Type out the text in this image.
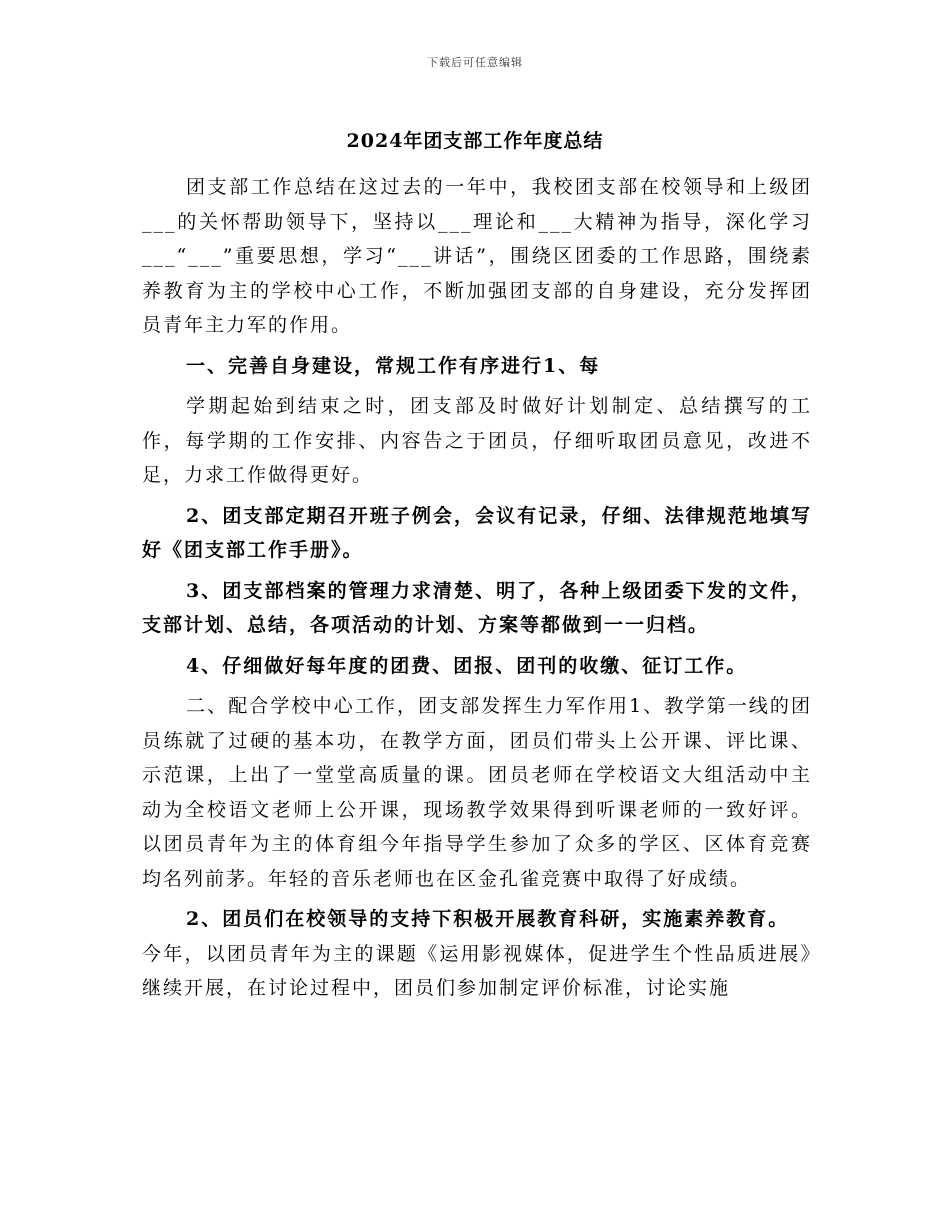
下载后可任意编辑
2024年团支部工作年度总结

团支部工作总结在这过去的一年中，我校团支部在校领导和上级团___的关怀帮助领导下，坚持以___理论和___大精神为指导，深化学习___“___”重要思想，学习“___讲话”，围绕区团委的工作思路，围绕素养教育为主的学校中心工作，不断加强团支部的自身建设，充分发挥团员青年主力军的作用。

一、完善自身建设，常规工作有序进行1、每

学期起始到结束之时，团支部及时做好计划制定、总结撰写的工作，每学期的工作安排、内容告之于团员，仔细听取团员意见，改进不足，力求工作做得更好。

2、团支部定期召开班子例会，会议有记录，仔细、法律规范地填写好《团支部工作手册》。

3、团支部档案的管理力求清楚、明了，各种上级团委下发的文件，支部计划、总结，各项活动的计划、方案等都做到一一归档。

4、仔细做好每年度的团费、团报、团刊的收缴、征订工作。

二、配合学校中心工作，团支部发挥生力军作用1、教学第一线的团员练就了过硬的基本功，在教学方面，团员们带头上公开课、评比课、示范课，上出了一堂堂高质量的课。团员老师在学校语文大组活动中主动为全校语文老师上公开课，现场教学效果得到听课老师的一致好评。以团员青年为主的体育组今年指导学生参加了众多的学区、区体育竞赛均名列前茅。年轻的音乐老师也在区金孔雀竞赛中取得了好成绩。

2、团员们在校领导的支持下积极开展教育科研，实施素养教育。

今年，以团员青年为主的课题《运用影视媒体，促进学生个性品质进展》继续开展，在讨论过程中，团员们参加制定评价标准，讨论实施
